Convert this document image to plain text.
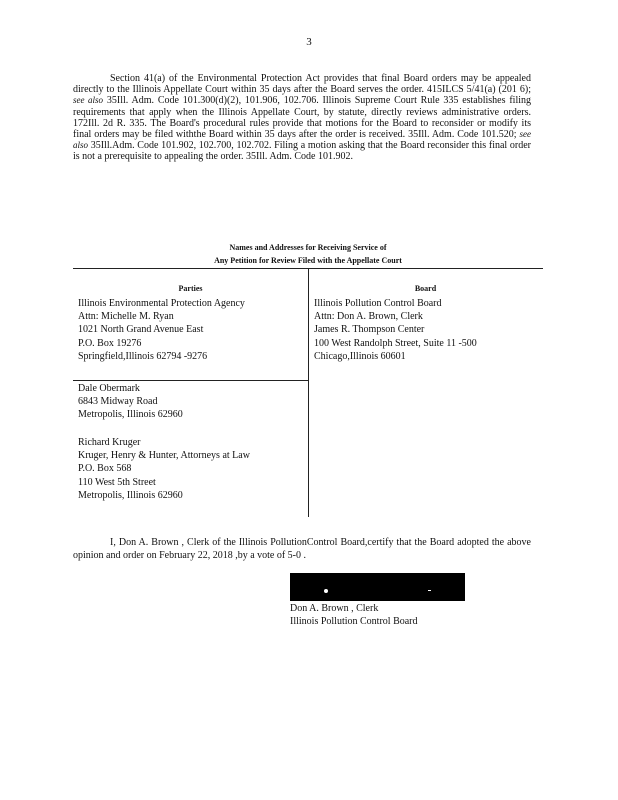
3

Section 41(a) of the Environmental Protection Act provides that final Board orders may be appealed directly to the Illinois Appellate Court within 35 days after the Board serves the order. 415ILCS 5/41(a) (201 6); see also 35Ill. Adm. Code 101.300(d)(2), 101.906, 102.706. Illinois Supreme Court Rule 335 establishes filing requirements that apply when the Illinois Appellate Court, by statute, directly reviews administrative orders. 172Ill. 2d R. 335. The Board's procedural rules provide that motions for the Board to reconsider or modify its final orders may be filed withthe Board within 35 days after the order is received. 35Ill. Adm. Code 101.520; see also 35Ill.Adm. Code 101.902, 102.700, 102.702. Filing a motion asking that the Board reconsider this final order is not a prerequisite to appealing the order. 35Ill. Adm. Code 101.902.

Names and Addresses for Receiving Service of
Any Petition for Review Filed with the Appellate Court
Parties	Board
Illinois Environmental Protection Agency
Attn: Michelle M. Ryan
1021 North Grand Avenue East
P.O. Box 19276
Springfield,Illinois 62794 -9276
Dale Obermark
6843 Midway Road
Metropolis, Illinois 62960
Richard Kruger
Kruger, Henry & Hunter, Attorneys at Law
P.O. Box 568
110 West 5th Street
Metropolis, Illinois 62960
Illinois Pollution Control Board
Attn: Don A. Brown, Clerk
James R. Thompson Center
100 West Randolph Street, Suite 11 -500
Chicago,Illinois 60601

I, Don A. Brown , Clerk of the Illinois PollutionControl Board,certify that the Board adopted the above opinion and order on February 22, 2018 ,by a vote of 5-0 .

Don A. Brown , Clerk
Illinois Pollution Control Board
